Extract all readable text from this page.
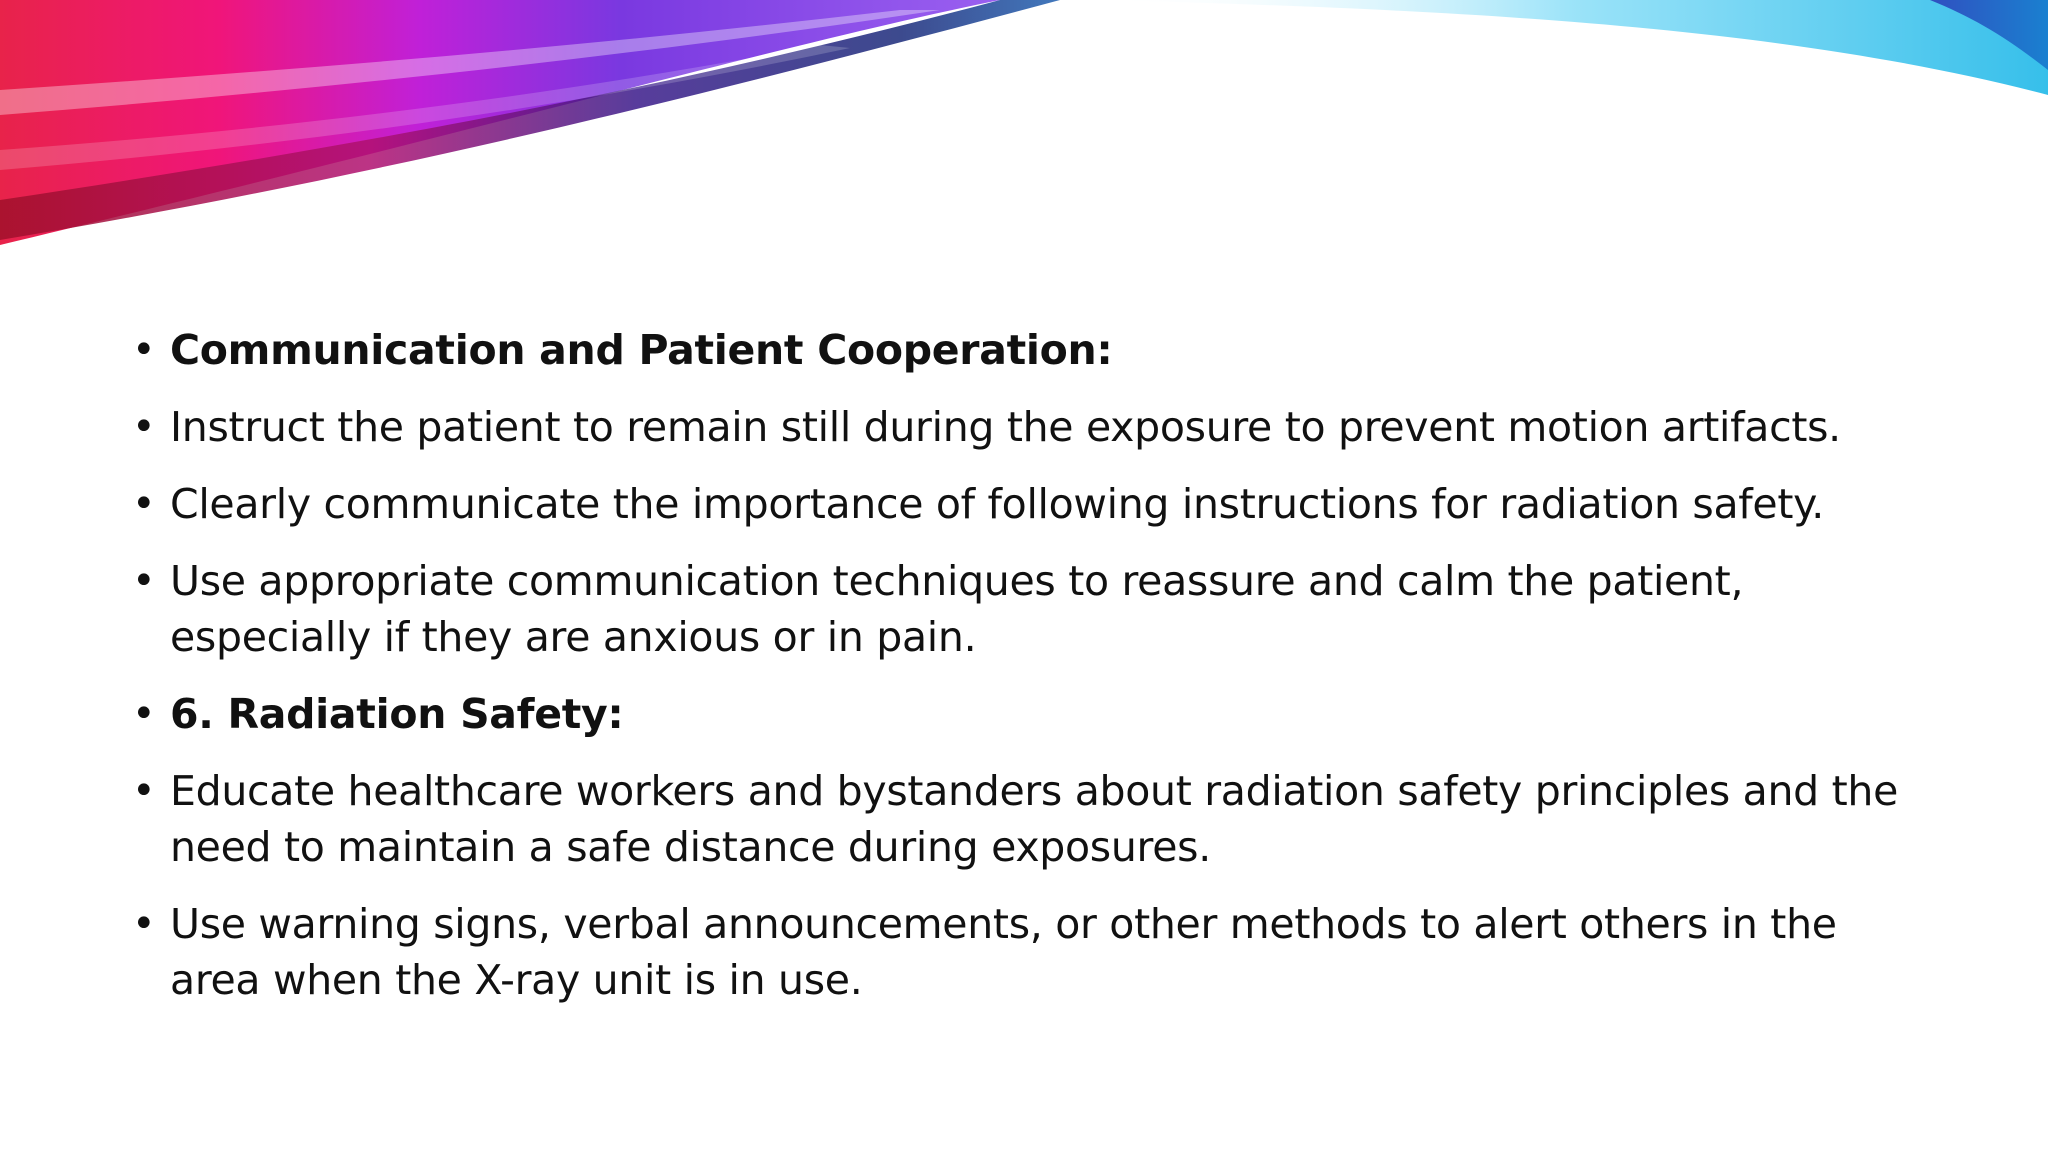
• Communication and Patient Cooperation:
• Instruct the patient to remain still during the exposure to prevent motion artifacts.
• Clearly communicate the importance of following instructions for radiation safety.
• Use appropriate communication techniques to reassure and calm the patient, especially if they are anxious or in pain.
• 6. Radiation Safety:
• Educate healthcare workers and bystanders about radiation safety principles and the need to maintain a safe distance during exposures.
• Use warning signs, verbal announcements, or other methods to alert others in the area when the X-ray unit is in use.
